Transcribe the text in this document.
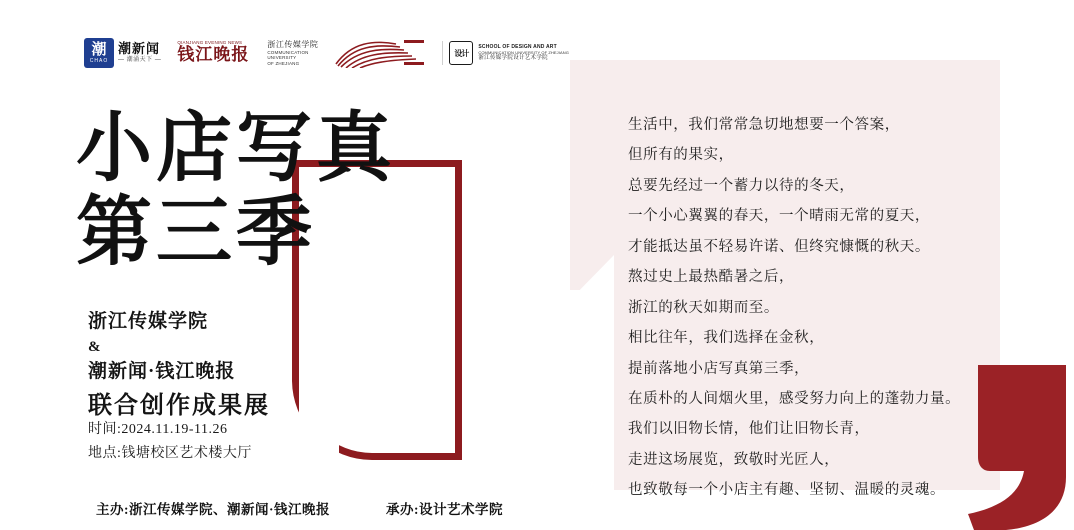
潮
CHAO
潮新闻
— 潮涌天下 —
QIANJIANG EVENING NEWS
钱江晚报
浙江传媒学院
COMMUNICATION
UNIVERSITY
OF ZHEJIANG
设计
SCHOOL OF DESIGN AND ART
COMMUNICATION UNIVERSITY OF ZHEJIANG
浙江传媒学院设计艺术学院
小店写真
第三季
浙江传媒学院
&
潮新闻·钱江晚报
联合创作成果展
时间:2024.11.19-11.26
地点:钱塘校区艺术楼大厅
主办:浙江传媒学院、潮新闻·钱江晚报	承办:设计艺术学院
生活中，我们常常急切地想要一个答案，
但所有的果实，
总要先经过一个蓄力以待的冬天，
一个小心翼翼的春天，一个晴雨无常的夏天，
才能抵达虽不轻易许诺、但终究慷慨的秋天。
熬过史上最热酷暑之后，
浙江的秋天如期而至。
相比往年，我们选择在金秋，
提前落地小店写真第三季，
在质朴的人间烟火里，感受努力向上的蓬勃力量。
我们以旧物长情，他们让旧物长青，
走进这场展览，致敬时光匠人，
也致敬每一个小店主有趣、坚韧、温暖的灵魂。
